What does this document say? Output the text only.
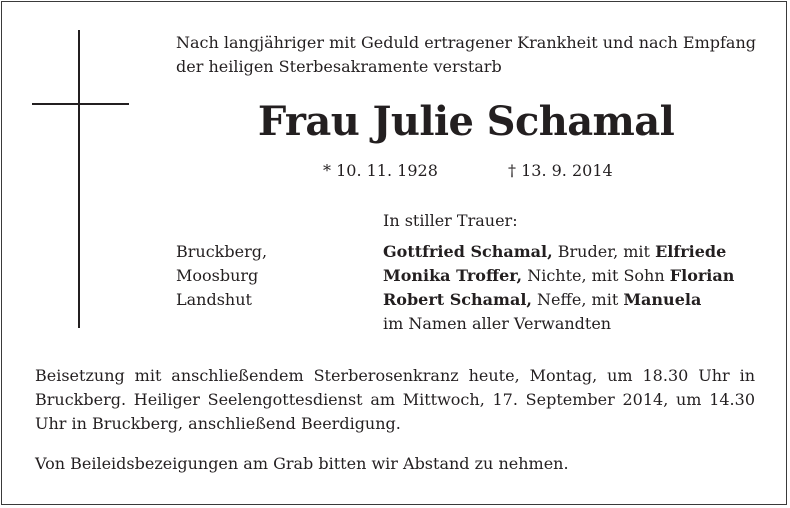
Nach langjähriger mit Geduld ertragener Krankheit und nach Empfang der heiligen Sterbesakramente verstarb
Frau Julie Schamal
* 10. 11. 1928	† 13. 9. 2014
In stiller Trauer:
Bruckberg,
Moosburg
Landshut
Gottfried Schamal, Bruder, mit Elfriede
Monika Troffer, Nichte, mit Sohn Florian
Robert Schamal, Neffe, mit Manuela
im Namen aller Verwandten
Beisetzung mit anschließendem Sterberosenkranz heute, Montag, um 18.30 Uhr in Bruckberg. Heiliger Seelengottesdienst am Mittwoch, 17. September 2014, um 14.30 Uhr in Bruckberg, anschließend Beerdigung.
Von Beileidsbezeigungen am Grab bitten wir Abstand zu nehmen.
